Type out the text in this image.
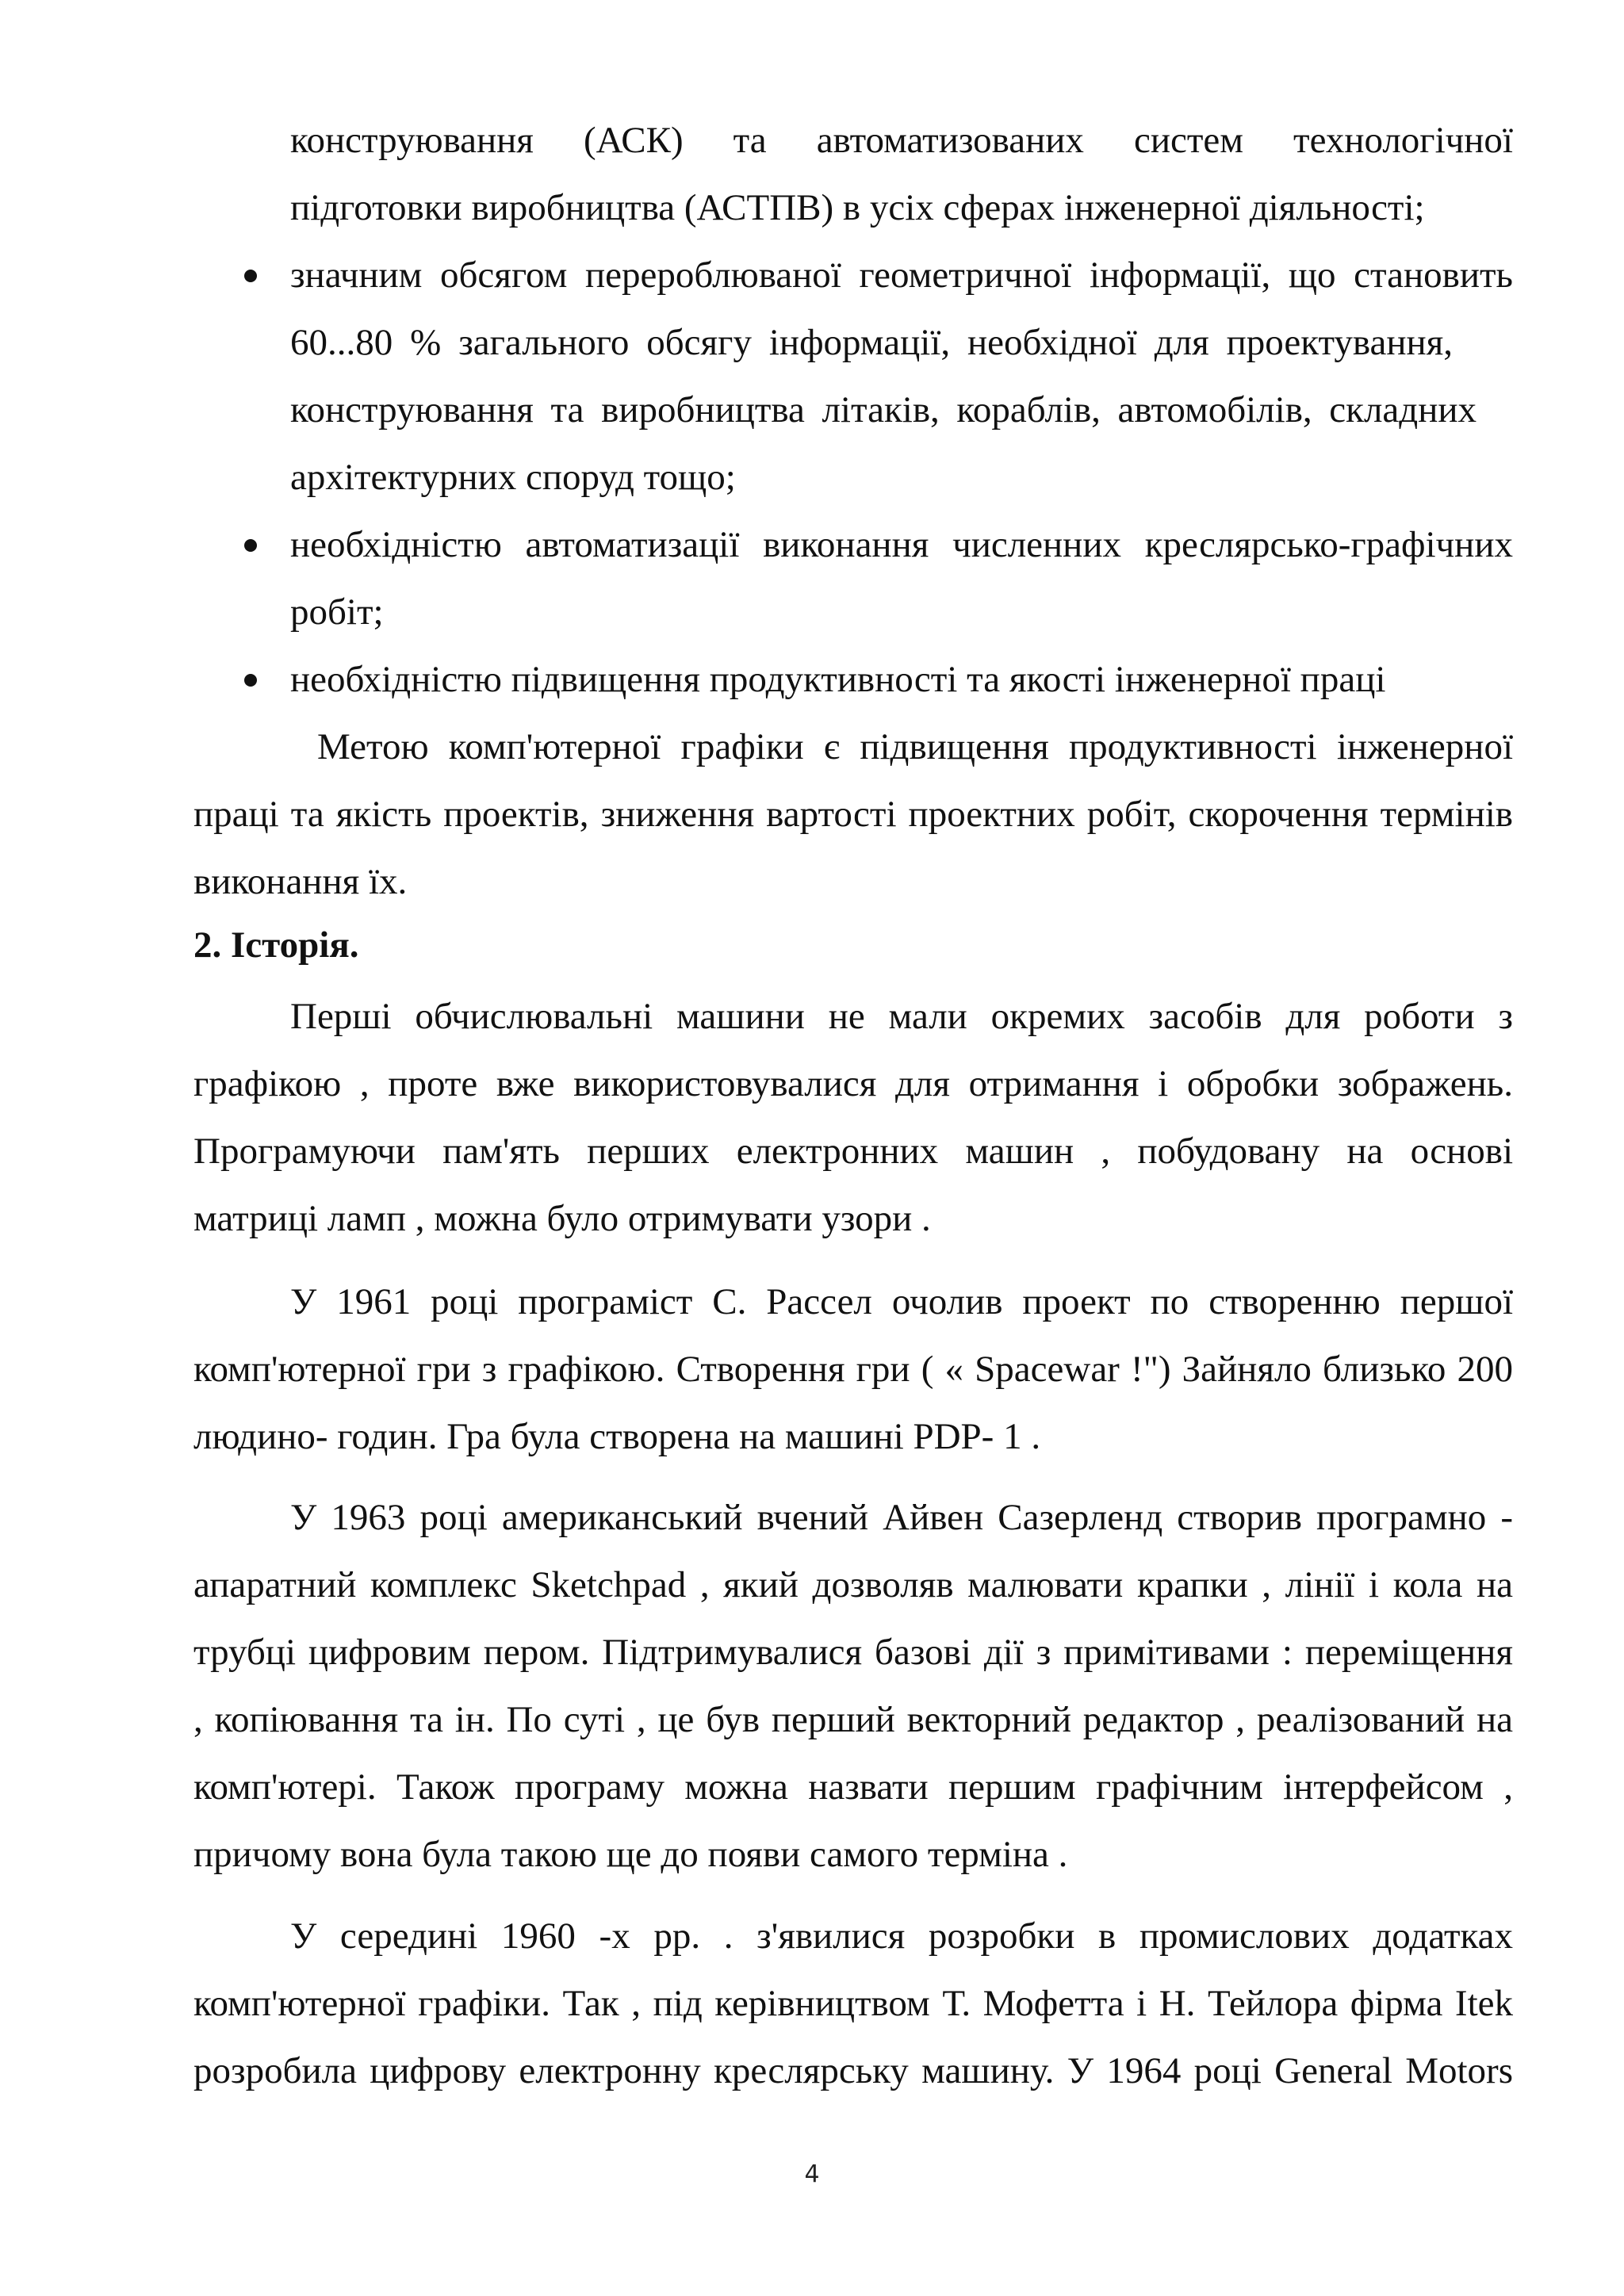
конструювання (АСК) та автоматизованих систем технологічної
підготовки виробництва (АСТПВ) в усіх сферах інженерної діяльності;
значним обсягом перероблюваної геометричної інформації, що становить
60...80 % загального обсягу інформації, необхідної для проектування,
конструювання та виробництва літаків, кораблів, автомобілів, складних
архітектурних споруд тощо;
необхідністю автоматизації виконання численних креслярсько-графічних
робіт;
необхідністю підвищення продуктивності та якості інженерної праці
Метою комп'ютерної графіки є підвищення продуктивності інженерної
праці та якість проектів, зниження вартості проектних робіт, скорочення термінів
виконання їх.
2. Історія.
Перші обчислювальні машини не мали окремих засобів для роботи з
графікою , проте вже використовувалися для отримання і обробки зображень.
Програмуючи пам'ять перших електронних машин , побудовану на основі
матриці ламп , можна було отримувати узори .
У 1961 році програміст С. Рассел очолив проект по створенню першої
комп'ютерної гри з графікою. Створення гри ( « Spacewar !") Зайняло близько 200
людино- годин. Гра була створена на машині PDP- 1 .
У 1963 році американський вчений Айвен Сазерленд створив програмно -
апаратний комплекс Sketchpad , який дозволяв малювати крапки , лінії і кола на
трубці цифровим пером. Підтримувалися базові дії з примітивами : переміщення
, копіювання та ін. По суті , це був перший векторний редактор , реалізований на
комп'ютері. Також програму можна назвати першим графічним інтерфейсом ,
причому вона була такою ще до появи самого терміна .
У середині 1960 -х рр. . з'явилися розробки в промислових додатках
комп'ютерної графіки. Так , під керівництвом Т. Мофетта і Н. Тейлора фірма Itek
розробила цифрову електронну креслярську машину. У 1964 році General Motors
4
